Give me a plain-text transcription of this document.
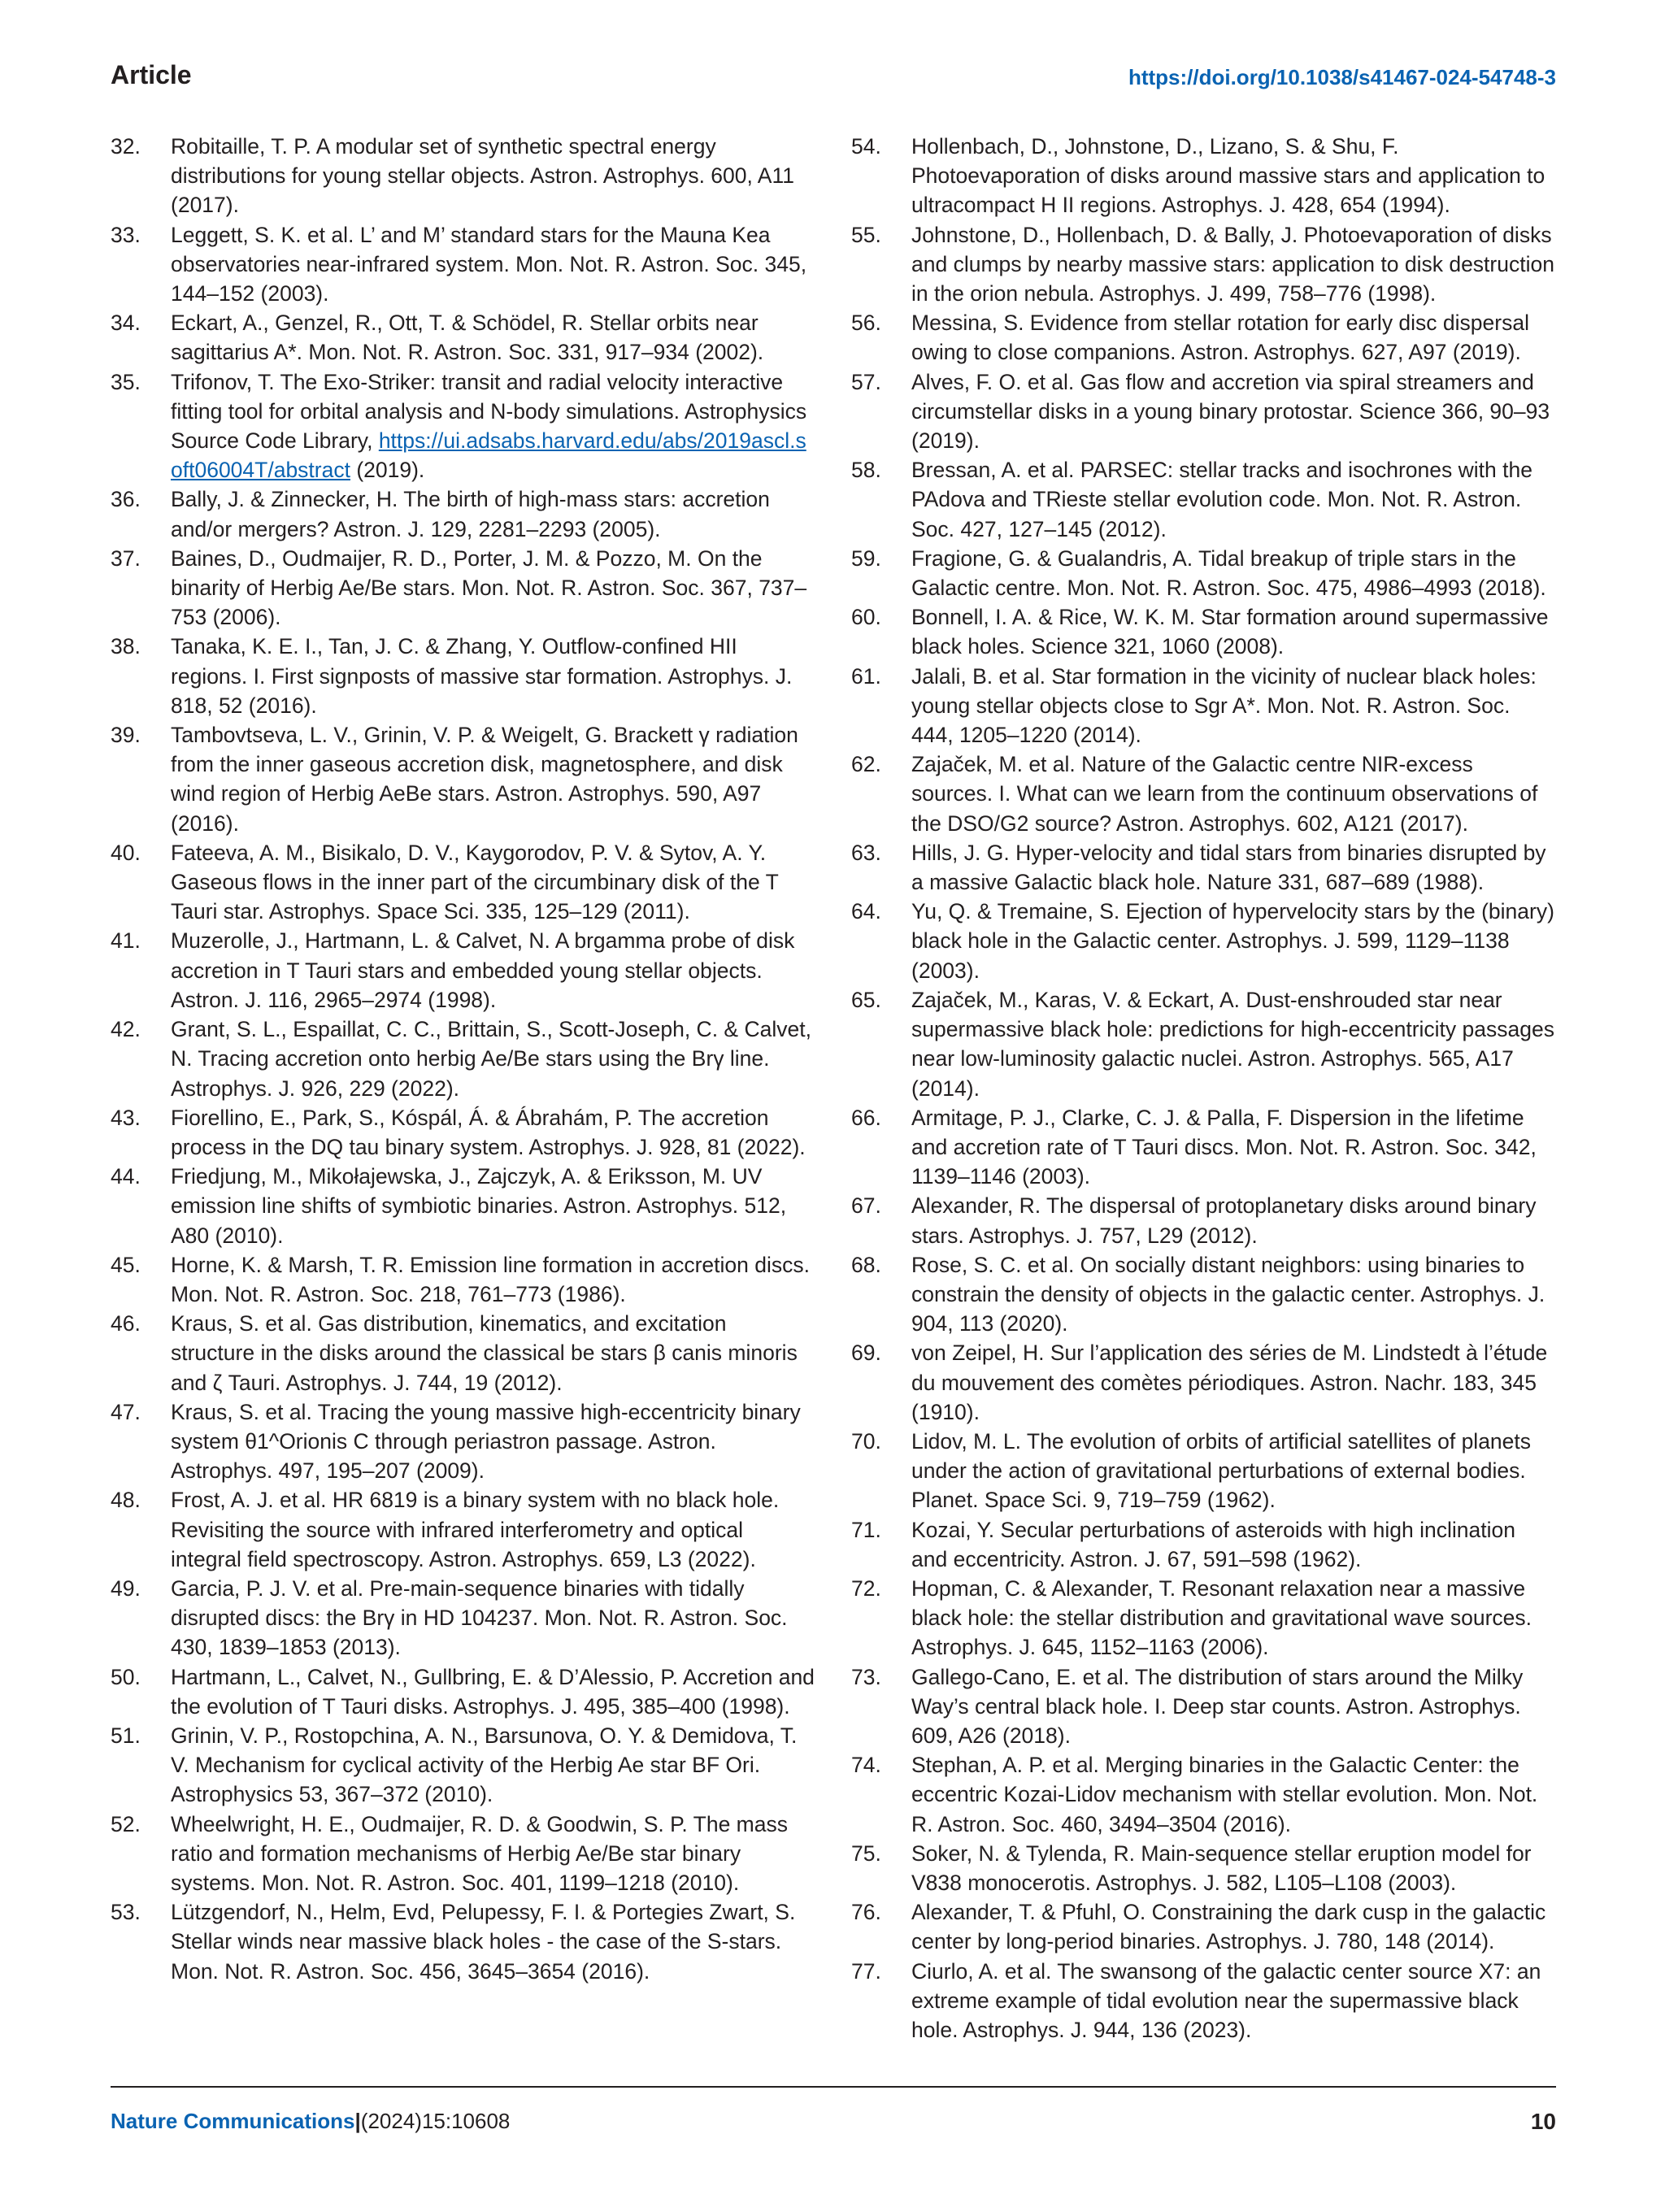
Article	https://doi.org/10.1038/s41467-024-54748-3

32. Robitaille, T. P. A modular set of synthetic spectral energy distributions for young stellar objects. Astron. Astrophys. 600, A11 (2017).

33. Leggett, S. K. et al. L’ and M’ standard stars for the Mauna Kea observatories near-infrared system. Mon. Not. R. Astron. Soc. 345, 144–152 (2003).

34. Eckart, A., Genzel, R., Ott, T. & Schödel, R. Stellar orbits near sagittarius A*. Mon. Not. R. Astron. Soc. 331, 917–934 (2002).

35. Trifonov, T. The Exo-Striker: transit and radial velocity interactive fitting tool for orbital analysis and N-body simulations. Astrophysics Source Code Library, https://ui.adsabs.harvard.edu/abs/2019ascl.soft06004T/abstract (2019).

36. Bally, J. & Zinnecker, H. The birth of high-mass stars: accretion and/or mergers? Astron. J. 129, 2281–2293 (2005).

37. Baines, D., Oudmaijer, R. D., Porter, J. M. & Pozzo, M. On the binarity of Herbig Ae/Be stars. Mon. Not. R. Astron. Soc. 367, 737–753 (2006).

38. Tanaka, K. E. I., Tan, J. C. & Zhang, Y. Outflow-confined HII regions. I. First signposts of massive star formation. Astrophys. J. 818, 52 (2016).

39. Tambovtseva, L. V., Grinin, V. P. & Weigelt, G. Brackett γ radiation from the inner gaseous accretion disk, magnetosphere, and disk wind region of Herbig AeBe stars. Astron. Astrophys. 590, A97 (2016).

40. Fateeva, A. M., Bisikalo, D. V., Kaygorodov, P. V. & Sytov, A. Y. Gaseous flows in the inner part of the circumbinary disk of the T Tauri star. Astrophys. Space Sci. 335, 125–129 (2011).

41. Muzerolle, J., Hartmann, L. & Calvet, N. A brgamma probe of disk accretion in T Tauri stars and embedded young stellar objects. Astron. J. 116, 2965–2974 (1998).

42. Grant, S. L., Espaillat, C. C., Brittain, S., Scott-Joseph, C. & Calvet, N. Tracing accretion onto herbig Ae/Be stars using the Brγ line. Astrophys. J. 926, 229 (2022).

43. Fiorellino, E., Park, S., Kóspál, Á. & Ábrahám, P. The accretion process in the DQ tau binary system. Astrophys. J. 928, 81 (2022).

44. Friedjung, M., Mikołajewska, J., Zajczyk, A. & Eriksson, M. UV emission line shifts of symbiotic binaries. Astron. Astrophys. 512, A80 (2010).

45. Horne, K. & Marsh, T. R. Emission line formation in accretion discs. Mon. Not. R. Astron. Soc. 218, 761–773 (1986).

46. Kraus, S. et al. Gas distribution, kinematics, and excitation structure in the disks around the classical be stars β canis minoris and ζ Tauri. Astrophys. J. 744, 19 (2012).

47. Kraus, S. et al. Tracing the young massive high-eccentricity binary system θ1^Orionis C through periastron passage. Astron. Astrophys. 497, 195–207 (2009).

48. Frost, A. J. et al. HR 6819 is a binary system with no black hole. Revisiting the source with infrared interferometry and optical integral field spectroscopy. Astron. Astrophys. 659, L3 (2022).

49. Garcia, P. J. V. et al. Pre-main-sequence binaries with tidally disrupted discs: the Brγ in HD 104237. Mon. Not. R. Astron. Soc. 430, 1839–1853 (2013).

50. Hartmann, L., Calvet, N., Gullbring, E. & D’Alessio, P. Accretion and the evolution of T Tauri disks. Astrophys. J. 495, 385–400 (1998).

51. Grinin, V. P., Rostopchina, A. N., Barsunova, O. Y. & Demidova, T. V. Mechanism for cyclical activity of the Herbig Ae star BF Ori. Astrophysics 53, 367–372 (2010).

52. Wheelwright, H. E., Oudmaijer, R. D. & Goodwin, S. P. The mass ratio and formation mechanisms of Herbig Ae/Be star binary systems. Mon. Not. R. Astron. Soc. 401, 1199–1218 (2010).

53. Lützgendorf, N., Helm, Evd, Pelupessy, F. I. & Portegies Zwart, S. Stellar winds near massive black holes - the case of the S-stars. Mon. Not. R. Astron. Soc. 456, 3645–3654 (2016).

54. Hollenbach, D., Johnstone, D., Lizano, S. & Shu, F. Photoevaporation of disks around massive stars and application to ultracompact H II regions. Astrophys. J. 428, 654 (1994).

55. Johnstone, D., Hollenbach, D. & Bally, J. Photoevaporation of disks and clumps by nearby massive stars: application to disk destruction in the orion nebula. Astrophys. J. 499, 758–776 (1998).

56. Messina, S. Evidence from stellar rotation for early disc dispersal owing to close companions. Astron. Astrophys. 627, A97 (2019).

57. Alves, F. O. et al. Gas flow and accretion via spiral streamers and circumstellar disks in a young binary protostar. Science 366, 90–93 (2019).

58. Bressan, A. et al. PARSEC: stellar tracks and isochrones with the PAdova and TRieste stellar evolution code. Mon. Not. R. Astron. Soc. 427, 127–145 (2012).

59. Fragione, G. & Gualandris, A. Tidal breakup of triple stars in the Galactic centre. Mon. Not. R. Astron. Soc. 475, 4986–4993 (2018).

60. Bonnell, I. A. & Rice, W. K. M. Star formation around supermassive black holes. Science 321, 1060 (2008).

61. Jalali, B. et al. Star formation in the vicinity of nuclear black holes: young stellar objects close to Sgr A*. Mon. Not. R. Astron. Soc. 444, 1205–1220 (2014).

62. Zajaček, M. et al. Nature of the Galactic centre NIR-excess sources. I. What can we learn from the continuum observations of the DSO/G2 source? Astron. Astrophys. 602, A121 (2017).

63. Hills, J. G. Hyper-velocity and tidal stars from binaries disrupted by a massive Galactic black hole. Nature 331, 687–689 (1988).

64. Yu, Q. & Tremaine, S. Ejection of hypervelocity stars by the (binary) black hole in the Galactic center. Astrophys. J. 599, 1129–1138 (2003).

65. Zajaček, M., Karas, V. & Eckart, A. Dust-enshrouded star near supermassive black hole: predictions for high-eccentricity passages near low-luminosity galactic nuclei. Astron. Astrophys. 565, A17 (2014).

66. Armitage, P. J., Clarke, C. J. & Palla, F. Dispersion in the lifetime and accretion rate of T Tauri discs. Mon. Not. R. Astron. Soc. 342, 1139–1146 (2003).

67. Alexander, R. The dispersal of protoplanetary disks around binary stars. Astrophys. J. 757, L29 (2012).

68. Rose, S. C. et al. On socially distant neighbors: using binaries to constrain the density of objects in the galactic center. Astrophys. J. 904, 113 (2020).

69. von Zeipel, H. Sur l’application des séries de M. Lindstedt à l’étude du mouvement des comètes périodiques. Astron. Nachr. 183, 345 (1910).

70. Lidov, M. L. The evolution of orbits of artificial satellites of planets under the action of gravitational perturbations of external bodies. Planet. Space Sci. 9, 719–759 (1962).

71. Kozai, Y. Secular perturbations of asteroids with high inclination and eccentricity. Astron. J. 67, 591–598 (1962).

72. Hopman, C. & Alexander, T. Resonant relaxation near a massive black hole: the stellar distribution and gravitational wave sources. Astrophys. J. 645, 1152–1163 (2006).

73. Gallego-Cano, E. et al. The distribution of stars around the Milky Way’s central black hole. I. Deep star counts. Astron. Astrophys. 609, A26 (2018).

74. Stephan, A. P. et al. Merging binaries in the Galactic Center: the eccentric Kozai-Lidov mechanism with stellar evolution. Mon. Not. R. Astron. Soc. 460, 3494–3504 (2016).

75. Soker, N. & Tylenda, R. Main-sequence stellar eruption model for V838 monocerotis. Astrophys. J. 582, L105–L108 (2003).

76. Alexander, T. & Pfuhl, O. Constraining the dark cusp in the galactic center by long-period binaries. Astrophys. J. 780, 148 (2014).

77. Ciurlo, A. et al. The swansong of the galactic center source X7: an extreme example of tidal evolution near the supermassive black hole. Astrophys. J. 944, 136 (2023).

Nature Communications|(2024)15:10608	10
